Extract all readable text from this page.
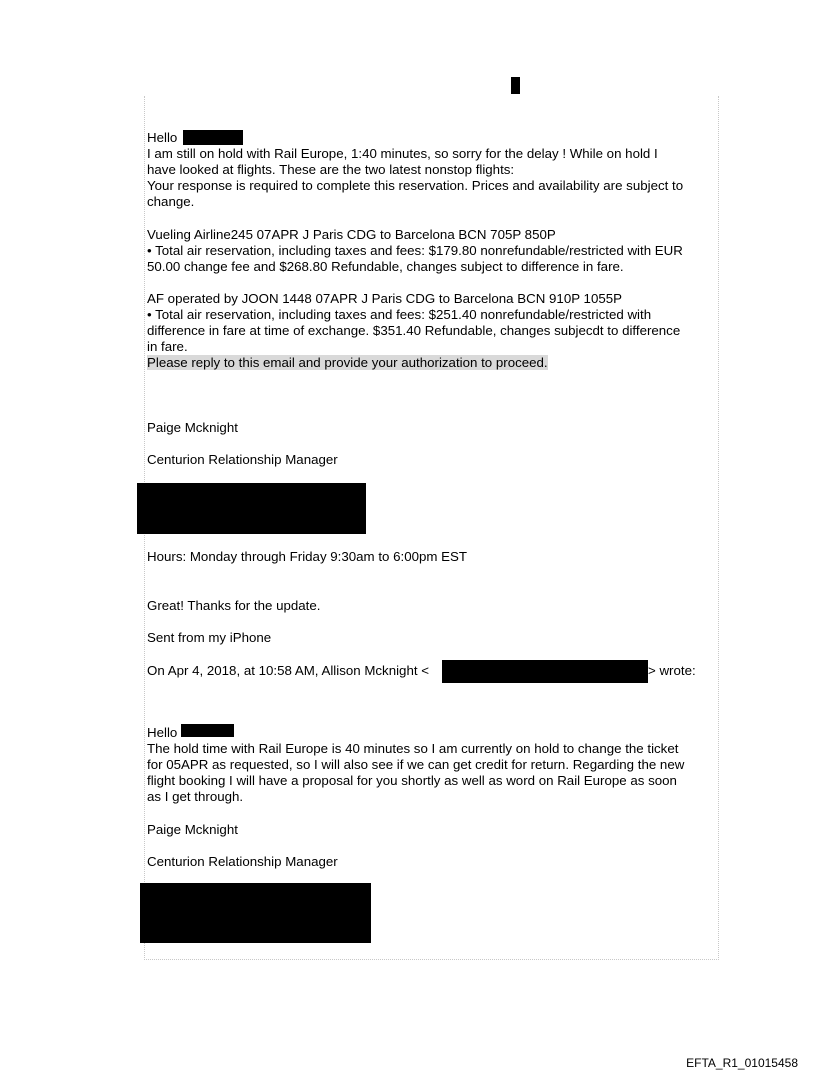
Hello
I am still on hold with Rail Europe, 1:40 minutes, so sorry for the delay ! While on hold I
have looked at flights. These are the two latest nonstop flights:
Your response is required to complete this reservation. Prices and availability are subject to
change.
Vueling Airline245 07APR J Paris CDG to Barcelona BCN 705P 850P
• Total air reservation, including taxes and fees: $179.80 nonrefundable/restricted with EUR
50.00 change fee and $268.80 Refundable, changes subject to difference in fare.
AF operated by JOON 1448 07APR J Paris CDG to Barcelona BCN 910P 1055P
• Total air reservation, including taxes and fees: $251.40 nonrefundable/restricted with
difference in fare at time of exchange. $351.40 Refundable, changes subjecdt to difference
in fare.
Please reply to this email and provide your authorization to proceed.
Paige Mcknight
Centurion Relationship Manager
Hours: Monday through Friday 9:30am to 6:00pm EST
Great! Thanks for the update.
Sent from my iPhone
On Apr 4, 2018, at 10:58 AM, Allison Mcknight <	> wrote:
Hello
The hold time with Rail Europe is 40 minutes so I am currently on hold to change the ticket
for 05APR as requested, so I will also see if we can get credit for return. Regarding the new
flight booking I will have a proposal for you shortly as well as word on Rail Europe as soon
as I get through.
Paige Mcknight
Centurion Relationship Manager
EFTA_R1_01015458
